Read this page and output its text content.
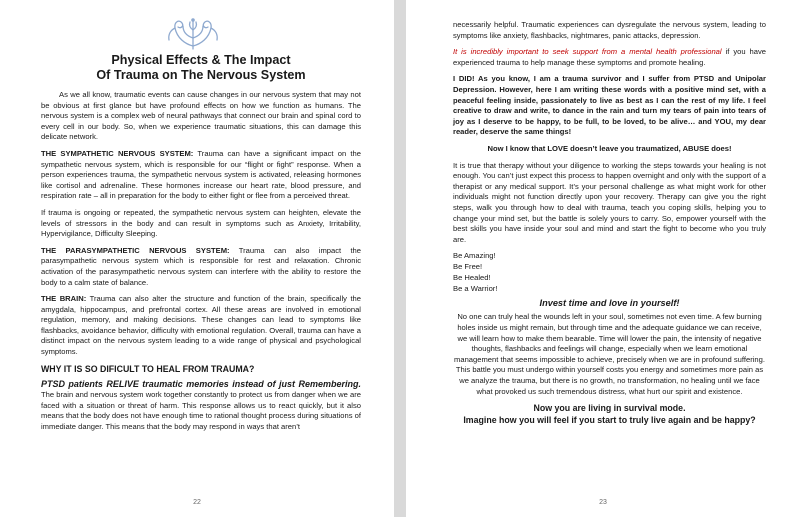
Physical Effects & The Impact
Of Trauma on The Nervous System

As we all know, traumatic events can cause changes in our nervous system that may not be obvious at first glance but have profound effects on how we function as humans. The nervous system is a complex web of neural pathways that connect our brain and spinal cord to every cell in our body. So, when we experience traumatic situations, this can damage this delicate network.

THE SYMPATHETIC NERVOUS SYSTEM: Trauma can have a significant impact on the sympathetic nervous system, which is responsible for our “flight or fight” response. When a person experiences trauma, the sympathetic nervous system is activated, releasing hormones like cortisol and adrenaline. These hormones increase our heart rate, blood pressure, and respiration rate – all in preparation for the body to either fight or flee from a perceived threat.

If trauma is ongoing or repeated, the sympathetic nervous system can heighten, elevate the levels of stressors in the body and can result in symptoms such as Anxiety, Irritability, Hypervigilance, Difficulty Sleeping.

THE PARASYMPATHETIC NERVOUS SYSTEM: Trauma can also impact the parasympathetic nervous system which is responsible for rest and relaxation. Chronic activation of the parasympathetic nervous system can interfere with the ability to restore the body to a calm state of balance.

THE BRAIN: Trauma can also alter the structure and function of the brain, specifically the amygdala, hippocampus, and prefrontal cortex. All these areas are involved in emotional regulation, memory, and making decisions. These changes can lead to symptoms like flashbacks, avoidance behavior, difficulty with emotional regulation. Overall, trauma can have a distinct impact on the nervous system leading to a wide range of physical and psychological symptoms.

WHY IT IS SO DIFICULT TO HEAL FROM TRAUMA?

PTSD patients RELIVE traumatic memories instead of just Remembering. The brain and nervous system work together constantly to protect us from danger when we are faced with a situation or threat of harm. This response allows us to react quickly, but it also means that the body does not have enough time to rational thought process during situations of immediate danger. This means that the body may respond in ways that aren’t

22

necessarily helpful. Traumatic experiences can dysregulate the nervous system, leading to symptoms like anxiety, flashbacks, nightmares, panic attacks, depression.

It is incredibly important to seek support from a mental health professional if you have experienced trauma to help manage these symptoms and promote healing.

I DID! As you know, I am a trauma survivor and I suffer from PTSD and Unipolar Depression. However, here I am writing these words with a positive mind set, with a peaceful feeling inside, passionately to live as best as I can the rest of my life. I feel creative to draw and write, to dance in the rain and turn my tears of pain into tears of joy as I deserve to be happy, to be full, to be loved, to be alive… and YOU, my dear reader, deserve the same things!

Now I know that LOVE doesn’t leave you traumatized, ABUSE does!

It is true that therapy without your diligence to working the steps towards your healing is not enough. You can’t just expect this process to happen overnight and only with the support of a therapist or any medical support. It’s your personal challenge as what might work for other individuals might not function directly upon your recovery. Therapy can give you the right steps, walk you through how to deal with trauma, teach you coping skills, helping you to change your mind set, but the battle is solely yours to carry. So, empower yourself with the best skills you have inside your soul and mind and start the fight to become who you truly are.

Be Amazing!

Be Free!

Be Healed!

Be a Warrior!

Invest time and love in yourself!

No one can truly heal the wounds left in your soul, sometimes not even time. A few burning holes inside us might remain, but through time and the adequate guidance we can receive, we will learn how to make them bearable. Time will lower the pain, the intensity of negative thoughts, flashbacks and feelings will change, especially when we learn emotional management that seems impossible to achieve, precisely when we are in profound suffering. This battle you must undergo within yourself costs you energy and sometimes more pain as we analyze the trauma, but there is no growth, no transformation, no healing until we face what provoked us such tremendous distress, what hurt our spirit and existence.

Now you are living in survival mode.
Imagine how you will feel if you start to truly live again and be happy?
23
